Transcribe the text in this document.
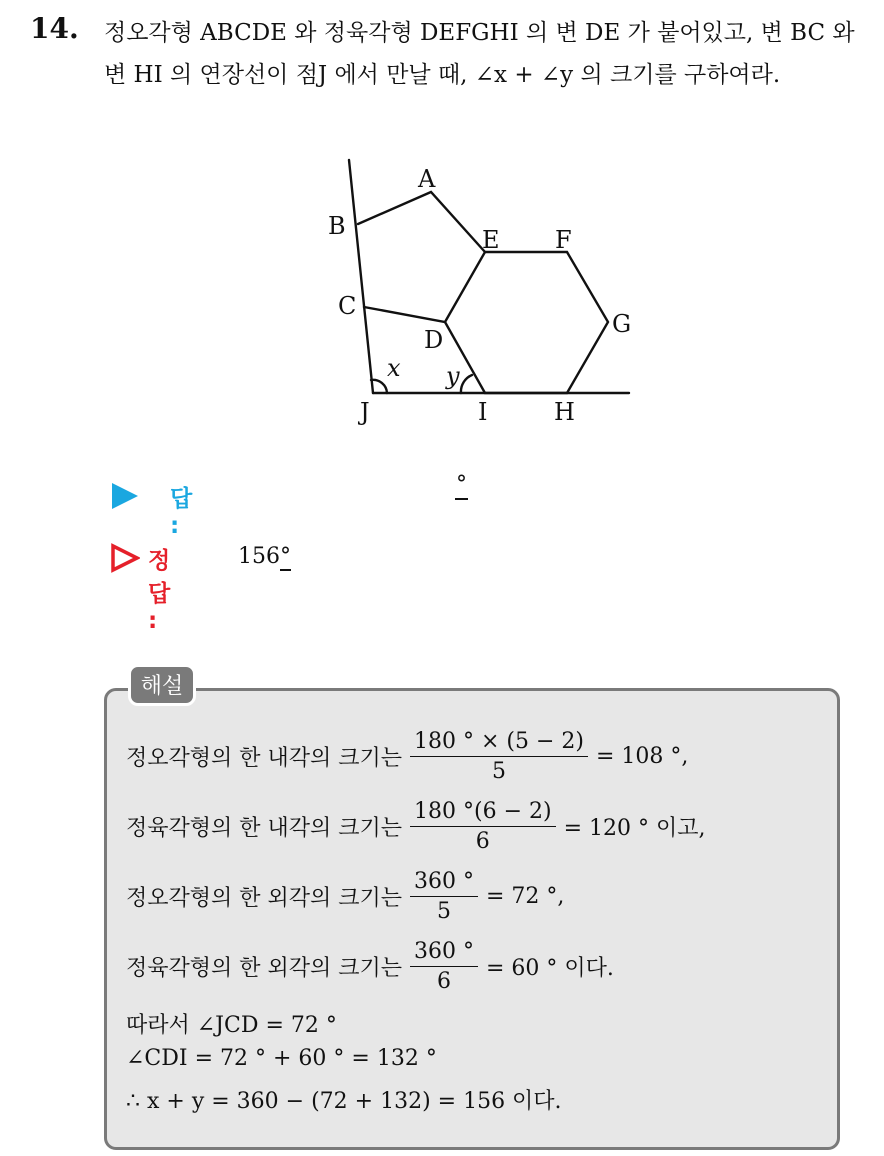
14. 정오각형 ABCDE 와 정육각형 DEFGHI 의 변 DE 가 붙어있고, 변 BC 와 변 HI 의 연장선이 점J 에서 만날 때, ∠x + ∠y 의 크기를 구하여라.
A
B	E F
C
G
D
J	I	H
x y
답 :
°
정답 :
156°
해설
정오각형의 한 내각의 크기는 $\frac{180 ^\circ \times (5 - 2)}{5} = 108$ °,
정육각형의 한 내각의 크기는 $\frac{180 ^\circ(6 - 2)}{6} = 120$ ° 이고,
정오각형의 한 외각의 크기는 $\frac{360 ^\circ}{5} = 72$ °,
정육각형의 한 외각의 크기는 $\frac{360 ^\circ}{6} = 60$ ° 이다.
따라서 ∠JCD = 72 °
∠CDI = 72 ° + 60 ° = 132 °
∴ x + y = 360 − (72 + 132) = 156 이다.
